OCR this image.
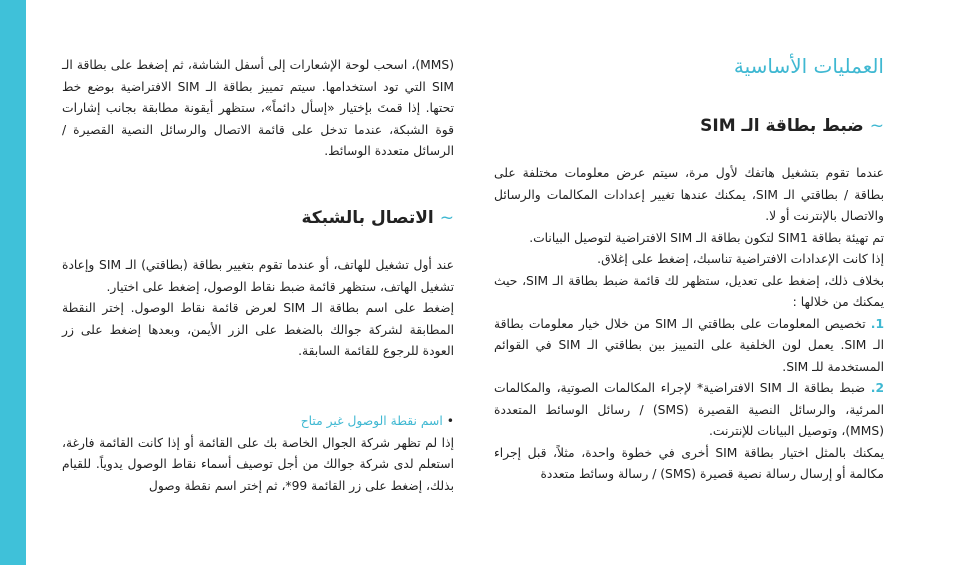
العمليات الأساسية
~ضبط بطاقة الـ SIM

عندما تقوم بتشغيل هاتفك لأول مرة، سيتم عرض معلومات مختلفة على بطاقة / بطاقتي الـ SIM، يمكنك عندها تغيير إعدادات المكالمات والرسائل والاتصال بالإنترنت أو لا.

تم تهيئة بطاقة SIM1 لتكون بطاقة الـ SIM الافتراضية لتوصيل البيانات.

إذا كانت الإعدادات الافتراضية تناسبك، إضغط على إغلاق.

بخلاف ذلك، إضغط على تعديل، ستظهر لك قائمة ضبط بطاقة الـ SIM، حيث يمكنك من خلالها :

1. تخصيص المعلومات على بطاقتي الـ SIM من خلال خيار معلومات بطاقة الـ SIM. يعمل لون الخلفية على التمييز بين بطاقتي الـ SIM في القوائم المستخدمة للـ SIM.

2. ضبط بطاقة الـ SIM الافتراضية* لإجراء المكالمات الصوتية، والمكالمات المرئية، والرسائل النصية القصيرة (SMS) / رسائل الوسائط المتعددة (MMS)، وتوصيل البيانات للإنترنت.

يمكنك بالمثل اختيار بطاقة SIM أخرى في خطوة واحدة، مثلاً، قبل إجراء مكالمة أو إرسال رسالة نصية قصيرة (SMS) / رسالة وسائط متعددة

(MMS)، اسحب لوحة الإشعارات إلى أسفل الشاشة، ثم إضغط على بطاقة الـ SIM التي تود استخدامها. سيتم تمييز بطاقة الـ SIM الافتراضية بوضع خط تحتها. إذا قمتَ بإختيار «إسأل دائماً»، ستظهر أيقونة مطابقة بجانب إشارات قوة الشبكة، عندما تدخل على قائمة الاتصال والرسائل النصية القصيرة / الرسائل متعددة الوسائط.

~الاتصال بالشبكة

عند أول تشغيل للهاتف، أو عندما تقوم بتغيير بطاقة (بطاقتي) الـ SIM وإعادة تشغيل الهاتف، ستظهر قائمة ضبط نقاط الوصول، إضغط على اختيار.

إضغط على اسم بطاقة الـ SIM لعرض قائمة نقاط الوصول. إختر النقطة المطابقة لشركة جوالك بالضغط على الزر الأيمن، وبعدها إضغط على زر العودة للرجوع للقائمة السابقة.

•اسم نقطة الوصول غير متاح

إذا لم تظهر شركة الجوال الخاصة بك على القائمة أو إذا كانت القائمة فارغة، استعلم لدى شركة جوالك من أجل توصيف أسماء نقاط الوصول يدوياً. للقيام بذلك، إضغط على زر القائمة 99*، ثم إختر اسم نقطة وصول
